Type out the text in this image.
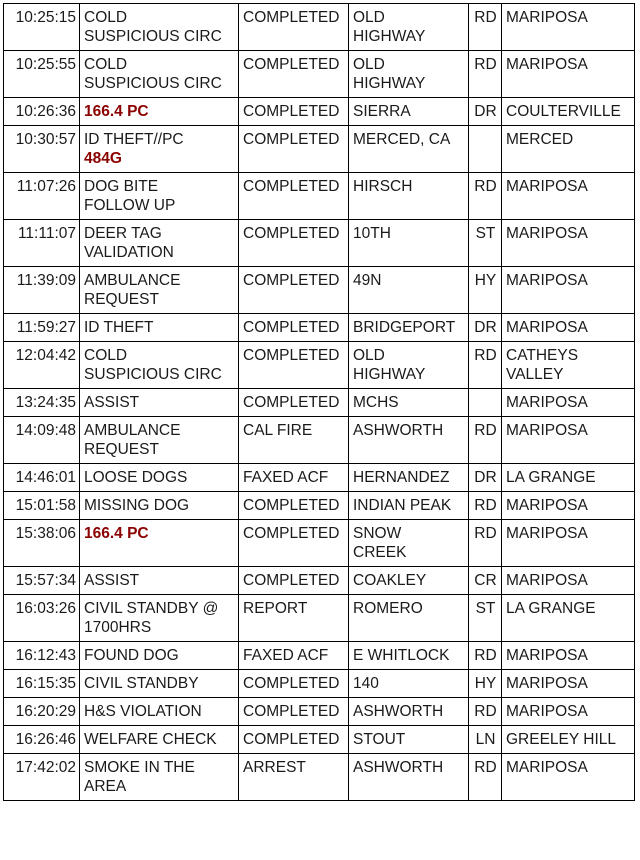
10:25:15	COLD
SUSPICIOUS CIRC	COMPLETED	OLD
HIGHWAY	RD	MARIPOSA

10:25:55	COLD
SUSPICIOUS CIRC	COMPLETED	OLD
HIGHWAY	RD	MARIPOSA

10:26:36	166.4 PC	COMPLETED	SIERRA	DR	COULTERVILLE

10:30:57	ID THEFT//PC
484G	COMPLETED	MERCED, CA		MERCED

11:07:26	DOG BITE
FOLLOW UP	COMPLETED	HIRSCH	RD	MARIPOSA

11:11:07	DEER TAG
VALIDATION	COMPLETED	10TH	ST	MARIPOSA

11:39:09	AMBULANCE
REQUEST	COMPLETED	49N	HY	MARIPOSA

11:59:27	ID THEFT	COMPLETED	BRIDGEPORT	DR	MARIPOSA

12:04:42	COLD
SUSPICIOUS CIRC	COMPLETED	OLD
HIGHWAY	RD	CATHEYS
VALLEY

13:24:35	ASSIST	COMPLETED	MCHS		MARIPOSA

14:09:48	AMBULANCE
REQUEST	CAL FIRE	ASHWORTH	RD	MARIPOSA

14:46:01	LOOSE DOGS	FAXED ACF	HERNANDEZ	DR	LA GRANGE

15:01:58	MISSING DOG	COMPLETED	INDIAN PEAK	RD	MARIPOSA

15:38:06	166.4 PC	COMPLETED	SNOW
CREEK	RD	MARIPOSA

15:57:34	ASSIST	COMPLETED	COAKLEY	CR	MARIPOSA

16:03:26	CIVIL STANDBY @
1700HRS	REPORT	ROMERO	ST	LA GRANGE

16:12:43	FOUND DOG	FAXED ACF	E WHITLOCK	RD	MARIPOSA

16:15:35	CIVIL STANDBY	COMPLETED	140	HY	MARIPOSA

16:20:29	H&S VIOLATION	COMPLETED	ASHWORTH	RD	MARIPOSA

16:26:46	WELFARE CHECK	COMPLETED	STOUT	LN	GREELEY HILL

17:42:02	SMOKE IN THE
AREA	ARREST	ASHWORTH	RD	MARIPOSA
